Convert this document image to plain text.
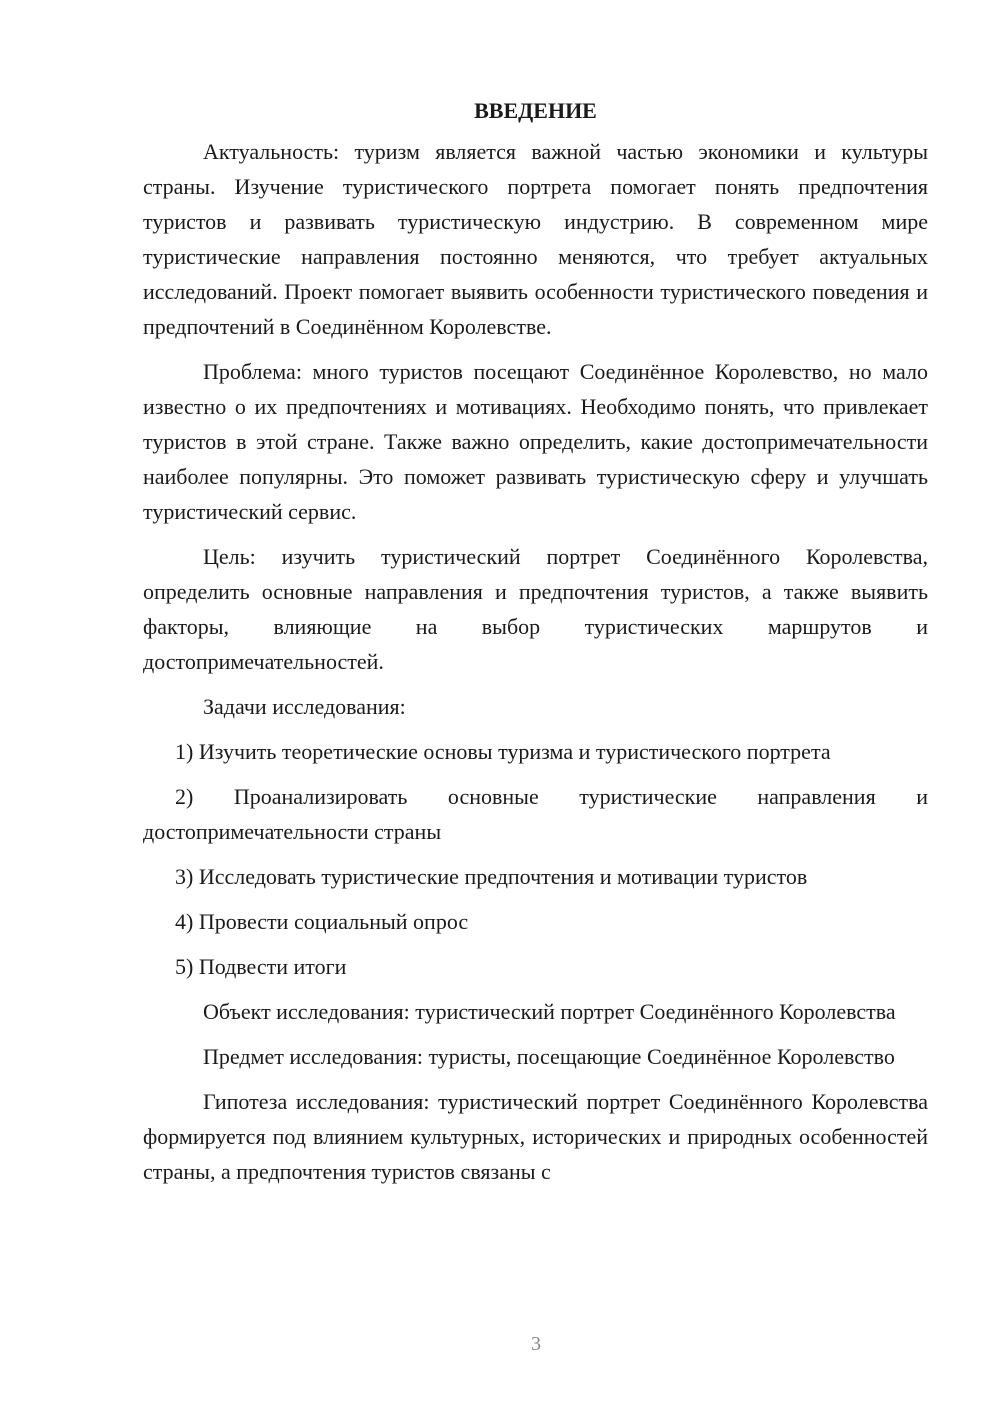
ВВЕДЕНИЕ

Актуальность: туризм является важной частью экономики и культуры страны. Изучение туристического портрета помогает понять предпочтения туристов и развивать туристическую индустрию. В современном мире туристические направления постоянно меняются, что требует актуальных исследований. Проект помогает выявить особенности туристического поведения и предпочтений в Соединённом Королевстве.

Проблема: много туристов посещают Соединённое Королевство, но мало известно о их предпочтениях и мотивациях. Необходимо понять, что привлекает туристов в этой стране. Также важно определить, какие достопримечательности наиболее популярны. Это поможет развивать туристическую сферу и улучшать туристический сервис.

Цель: изучить туристический портрет Соединённого Королевства, определить основные направления и предпочтения туристов, а также выявить факторы, влияющие на выбор туристических маршрутов и достопримечательностей.

Задачи исследования:

1) Изучить теоретические основы туризма и туристического портрета

2) Проанализировать основные туристические направления и достопримечательности страны

3) Исследовать туристические предпочтения и мотивации туристов

4) Провести социальный опрос

5) Подвести итоги

Объект исследования: туристический портрет Соединённого Королевства

Предмет исследования: туристы, посещающие Соединённое Королевство

Гипотеза исследования: туристический портрет Соединённого Королевства формируется под влиянием культурных, исторических и природных особенностей страны, а предпочтения туристов связаны с

3
